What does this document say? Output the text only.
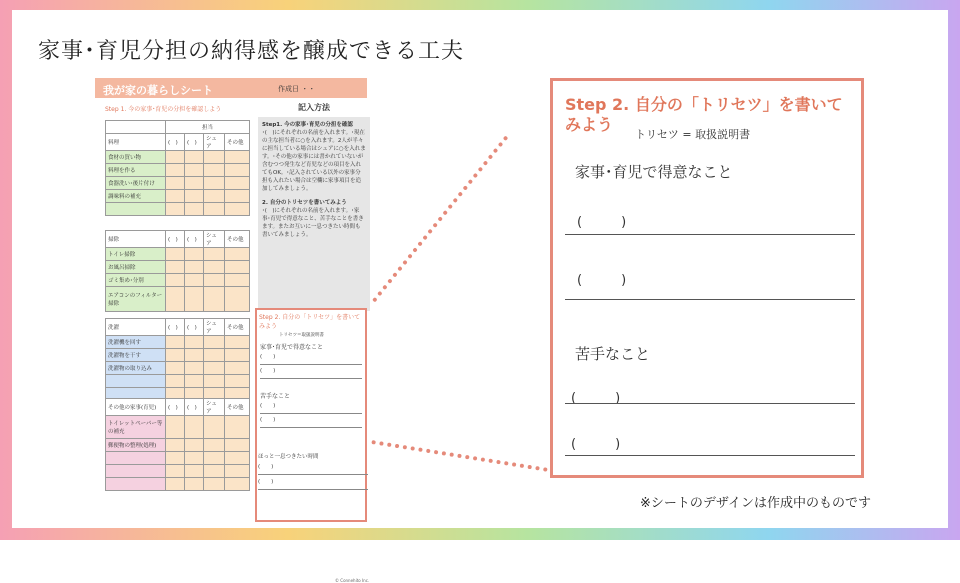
家事･育児分担の納得感を醸成できる工夫
我が家の暮らしシート	作成日 ・・
Step 1. 今の家事･育児の分担を確認しよう
	担当			
料理	(　)	(　)	シェア	その他
食材の買い物				
料理を作る				
食器洗い･後片付け				
調味料の補充				

掃除	(　)	(　)	シェア	その他
トイレ掃除				
お風呂掃除				
ゴミ集め･分別				
エアコンのフィルター掃除				
洗濯	(　)	(　)	シェア	その他
洗濯機を回す				
洗濯物を干す				
洗濯物の取り込み				

その他の家事(育児)	(　)	(　)	シェア	その他
トイレットペーパー等の補充				
郵便物の整理(処理)				

記入方法
Step1. 今の家事･育児の分担を確認
･(　)にそれぞれの名前を入れます。･現在の主な担当者に○を入れます。2人が半々に担当している場合はシェアに○を入れます。･その他の家事には書かれていないが含むつつ発生など育児などの項目を入れてもOK。･記入されている以外の家事分担も入れたい場合は空欄に家事項目を追加してみましょう。
2. 自分のトリセツを書いてみよう
･(　)にそれぞれの名前を入れます。･家事･育児で得意なこと、苦手なことを書きます。またお互いに一息つきたい時間も書いてみましょう。
Step 2. 自分の「トリセツ」を書いてみよう
トリセツ＝取扱説明書
家事･育児で得意なこと
(　　)
(　　)
苦手なこと
(　　)
(　　)
ほっと一息つきたい時間
(　　)
(　　)
© Connehito Inc.
Step 2. 自分の「トリセツ」を書いてみよう
トリセツ = 取扱説明書
家事･育児で得意なこと
(　　　)
(　　　)
苦手なこと
(　　　)
(　　　)
※シートのデザインは作成中のものです
